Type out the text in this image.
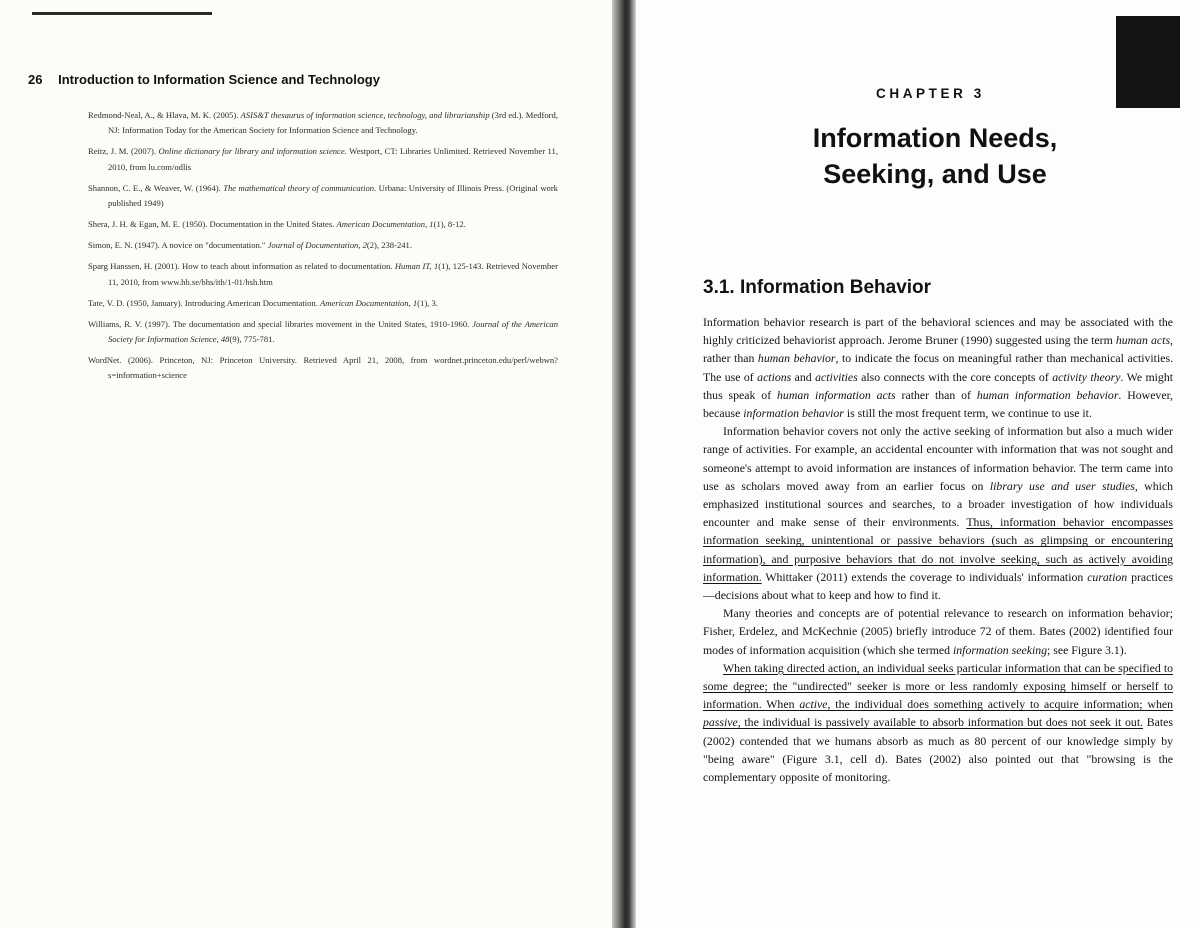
26 Introduction to Information Science and Technology
Redmond-Neal, A., & Hlava, M. K. (2005). ASIS&T thesaurus of information science, technology, and librarianship (3rd ed.). Medford, NJ: Information Today for the American Society for Information Science and Technology.
Reitz, J. M. (2007). Online dictionary for library and information science. Westport, CT: Libraries Unlimited. Retrieved November 11, 2010, from lu.com/odlis
Shannon, C. E., & Weaver, W. (1964). The mathematical theory of communication. Urbana: University of Illinois Press. (Original work published 1949)
Shera, J. H. & Egan, M. E. (1950). Documentation in the United States. American Documentation, 1(1), 8-12.
Simon, E. N. (1947). A novice on "documentation." Journal of Documentation, 2(2), 238-241.
Sparg Hanssen, H. (2001). How to teach about information as related to documentation. Human IT, 1(1), 125-143. Retrieved November 11, 2010, from www.hb.se/bhs/ith/1-01/hsh.htm
Tate, V. D. (1950, January). Introducing American Documentation. American Documentation, 1(1), 3.
Williams, R. V. (1997). The documentation and special libraries movement in the United States, 1910-1960. Journal of the American Society for Information Science, 48(9), 775-781.
WordNet. (2006). Princeton, NJ: Princeton University. Retrieved April 21, 2008, from wordnet.princeton.edu/perl/webwn?s=information+science
CHAPTER 3
Information Needs, Seeking, and Use
3.1. Information Behavior

Information behavior research is part of the behavioral sciences and may be associated with the highly criticized behaviorist approach. Jerome Bruner (1990) suggested using the term human acts, rather than human behavior, to indicate the focus on meaningful rather than mechanical activities. The use of actions and activities also connects with the core concepts of activity theory. We might thus speak of human information acts rather than of human information behavior. However, because information behavior is still the most frequent term, we continue to use it.

Information behavior covers not only the active seeking of information but also a much wider range of activities. For example, an accidental encounter with information that was not sought and someone's attempt to avoid information are instances of information behavior. The term came into use as scholars moved away from an earlier focus on library use and user studies, which emphasized institutional sources and searches, to a broader investigation of how individuals encounter and make sense of their environments. Thus, information behavior encompasses information seeking, unintentional or passive behaviors (such as glimpsing or encountering information), and purposive behaviors that do not involve seeking, such as actively avoiding information. Whittaker (2011) extends the coverage to individuals' information curation practices—decisions about what to keep and how to find it.

Many theories and concepts are of potential relevance to research on information behavior; Fisher, Erdelez, and McKechnie (2005) briefly introduce 72 of them. Bates (2002) identified four modes of information acquisition (which she termed information seeking; see Figure 3.1).

When taking directed action, an individual seeks particular information that can be specified to some degree; the "undirected" seeker is more or less randomly exposing himself or herself to information. When active, the individual does something actively to acquire information; when passive, the individual is passively available to absorb information but does not seek it out. Bates (2002) contended that we humans absorb as much as 80 percent of our knowledge simply by "being aware" (Figure 3.1, cell d). Bates (2002) also pointed out that "browsing is the complementary opposite of monitoring.
